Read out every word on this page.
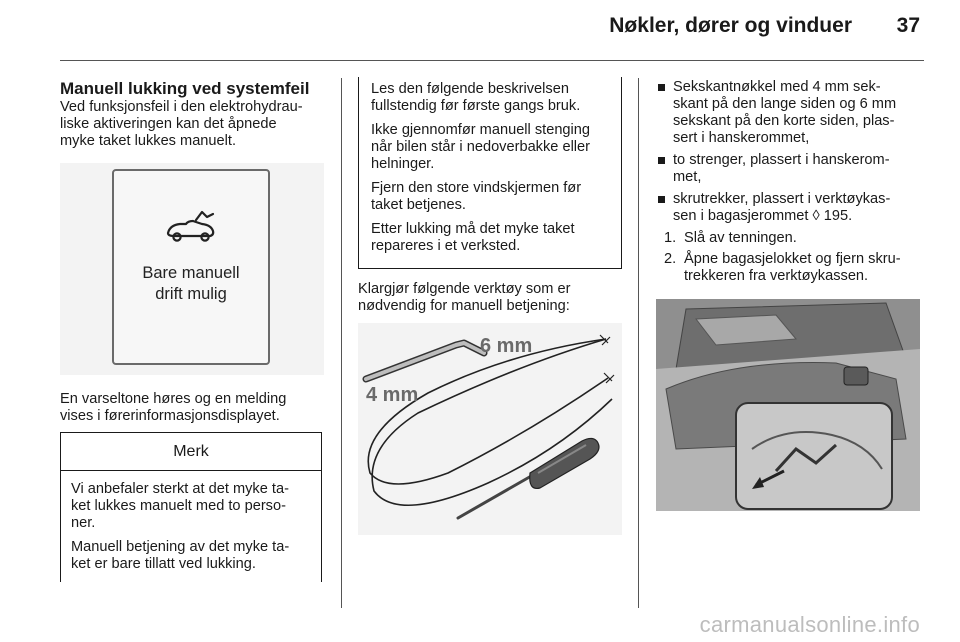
Nøkler, dører og vinduer 37
Manuell lukking ved systemfeil

Ved funksjonsfeil i den elektrohydrau-

liske aktiveringen kan det åpnede

myke taket lukkes manuelt.

Bare manuell
drift mulig

En varseltone høres og en melding

vises i førerinformasjonsdisplayet.

Merk

Vi anbefaler sterkt at det myke ta-
ket lukkes manuelt med to perso-
ner.

Manuell betjening av det myke ta-
ket er bare tillatt ved lukking.

Les den følgende beskrivelsen
fullstendig før første gangs bruk.

Ikke gjennomfør manuell stenging
når bilen står i nedoverbakke eller
helninger.

Fjern den store vindskjermen før
taket betjenes.

Etter lukking må det myke taket
repareres i et verksted.

Klargjør følgende verktøy som er

nødvendig for manuell betjening:

6 mm
4 mm
Sekskantnøkkel med 4 mm sek-
skant på den lange siden og 6 mm
sekskant på den korte siden, plas-
sert i hanskerommet,
to strenger, plassert i hanskerom-
met,
skrutrekker, plassert i verktøykas-
sen i bagasjerommet ◊ 195.
1. Slå av tenningen.
2. Åpne bagasjelokket og fjern skru-
trekkeren fra verktøykassen.
carmanualsonline.info
